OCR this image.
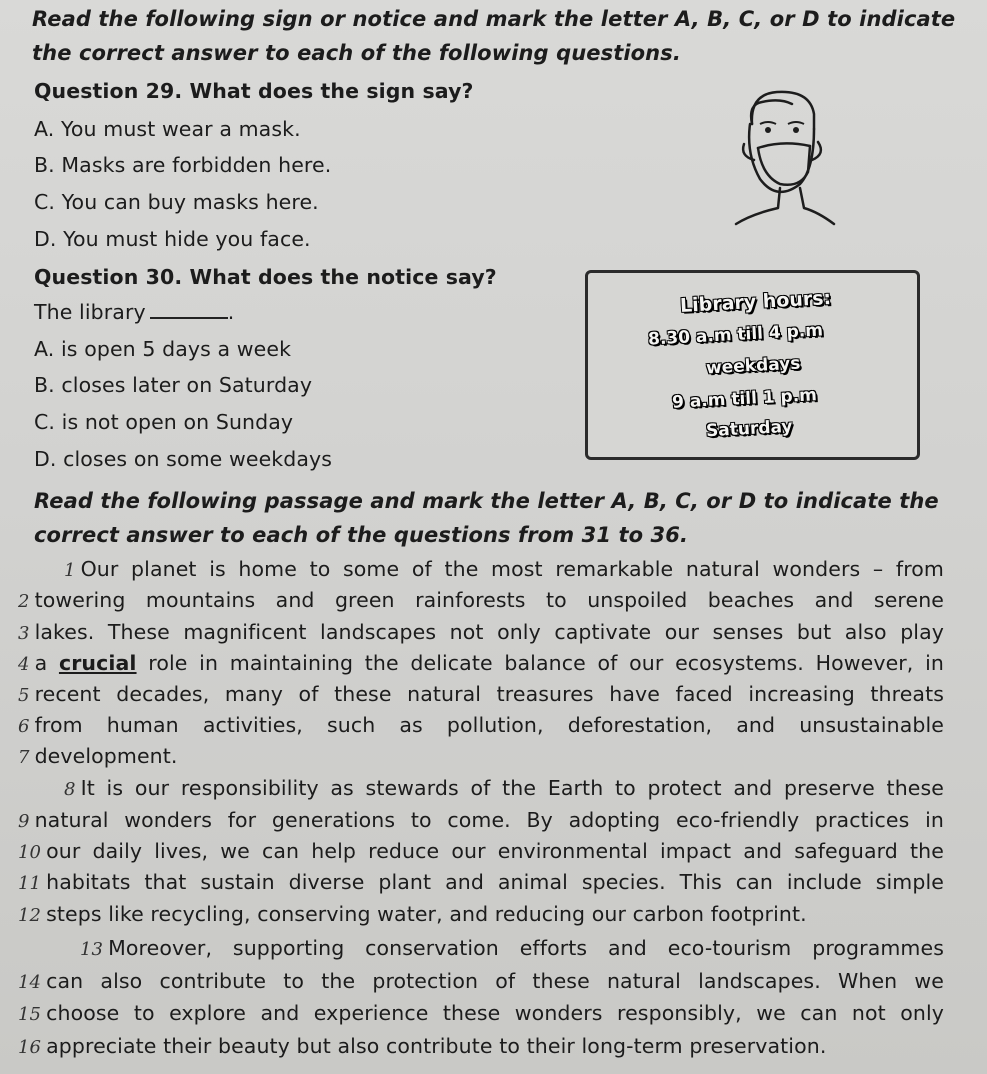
Read the following sign or notice and mark the letter A, B, C, or D to indicate
the correct answer to each of the following questions.
Question 29. What does the sign say?
A. You must wear a mask.
B. Masks are forbidden here.
C. You can buy masks here.
D. You must hide you face.
Question 30. What does the notice say?
The library	.
A. is open 5 days a week
B. closes later on Saturday
C. is not open on Sunday
D. closes on some weekdays
Library hours:
8.30 a.m till 4 p.m
weekdays
9 a.m till 1 p.m
Saturday
Read the following passage and mark the letter A, B, C, or D to indicate the
correct answer to each of the questions from 31 to 36.
1 Our planet is home to some of the most remarkable natural wonders – from
2 towering mountains and green rainforests to unspoiled beaches and serene
3 lakes. These magnificent landscapes not only captivate our senses but also play
4 a crucial role in maintaining the delicate balance of our ecosystems. However, in
5 recent decades, many of these natural treasures have faced increasing threats
6 from human activities, such as pollution, deforestation, and unsustainable
7 development.
8 It is our responsibility as stewards of the Earth to protect and preserve these
9 natural wonders for generations to come. By adopting eco-friendly practices in
10 our daily lives, we can help reduce our environmental impact and safeguard the
11 habitats that sustain diverse plant and animal species. This can include simple
12 steps like recycling, conserving water, and reducing our carbon footprint.
13 Moreover, supporting conservation efforts and eco-tourism programmes
14 can also contribute to the protection of these natural landscapes. When we
15 choose to explore and experience these wonders responsibly, we can not only
16 appreciate their beauty but also contribute to their long-term preservation.
